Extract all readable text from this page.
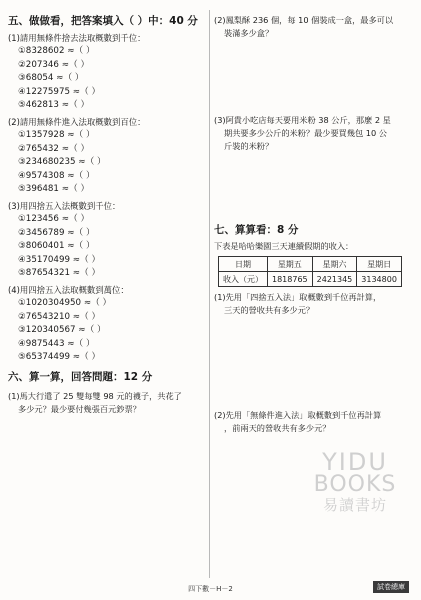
五、做做看，把答案填入（ ）中：40 分
(1)請用無條件捨去法取概數到千位：
①8328602 ≈（ ）
②207346 ≈（ ）
③68054 ≈（ ）
④12275975 ≈（ ）
⑤462813 ≈（ ）
(2)請用無條件進入法取概數到百位：
①1357928 ≈（ ）
②765432 ≈（ ）
③234680235 ≈（ ）
④9574308 ≈（ ）
⑤396481 ≈（ ）
(3)用四捨五入法概數到千位：
①123456 ≈（ ）
②3456789 ≈（ ）
③8060401 ≈（ ）
④35170499 ≈（ ）
⑤87654321 ≈（ ）
(4)用四捨五入法取概數到萬位：
①1020304950 ≈（ ）
②76543210 ≈（ ）
③120340567 ≈（ ）
④9875443 ≈（ ）
⑤65374499 ≈（ ）
六、算一算，回答問題：12 分
(1)馬大行遣了 25 雙每雙 98 元的襪子，共花了
多少元？最少要付幾張百元鈔票？
(2)鳳梨酥 236 個，每 10 個裝成一盒，最多可以
裝滿多少盒？
(3)阿貴小吃店每天要用米粉 38 公斤，那麼 2 星
期共要多少公斤的米粉？最少要買幾包 10 公
斤裝的米粉？
七、算算看：8 分
下表是哈哈樂園三天連續假期的收入：
日期	星期五	星期六	星期日
收入（元）	1818765	2421345	3134800
(1)先用「四捨五入法」取概數到千位再計算，
三天的營收共有多少元？
(2)先用「無條件進入法」取概數到千位再計算
，前兩天的營收共有多少元？
YIDU
BOOKS
易讀書坊
四下數－H－2	試卷總庫
